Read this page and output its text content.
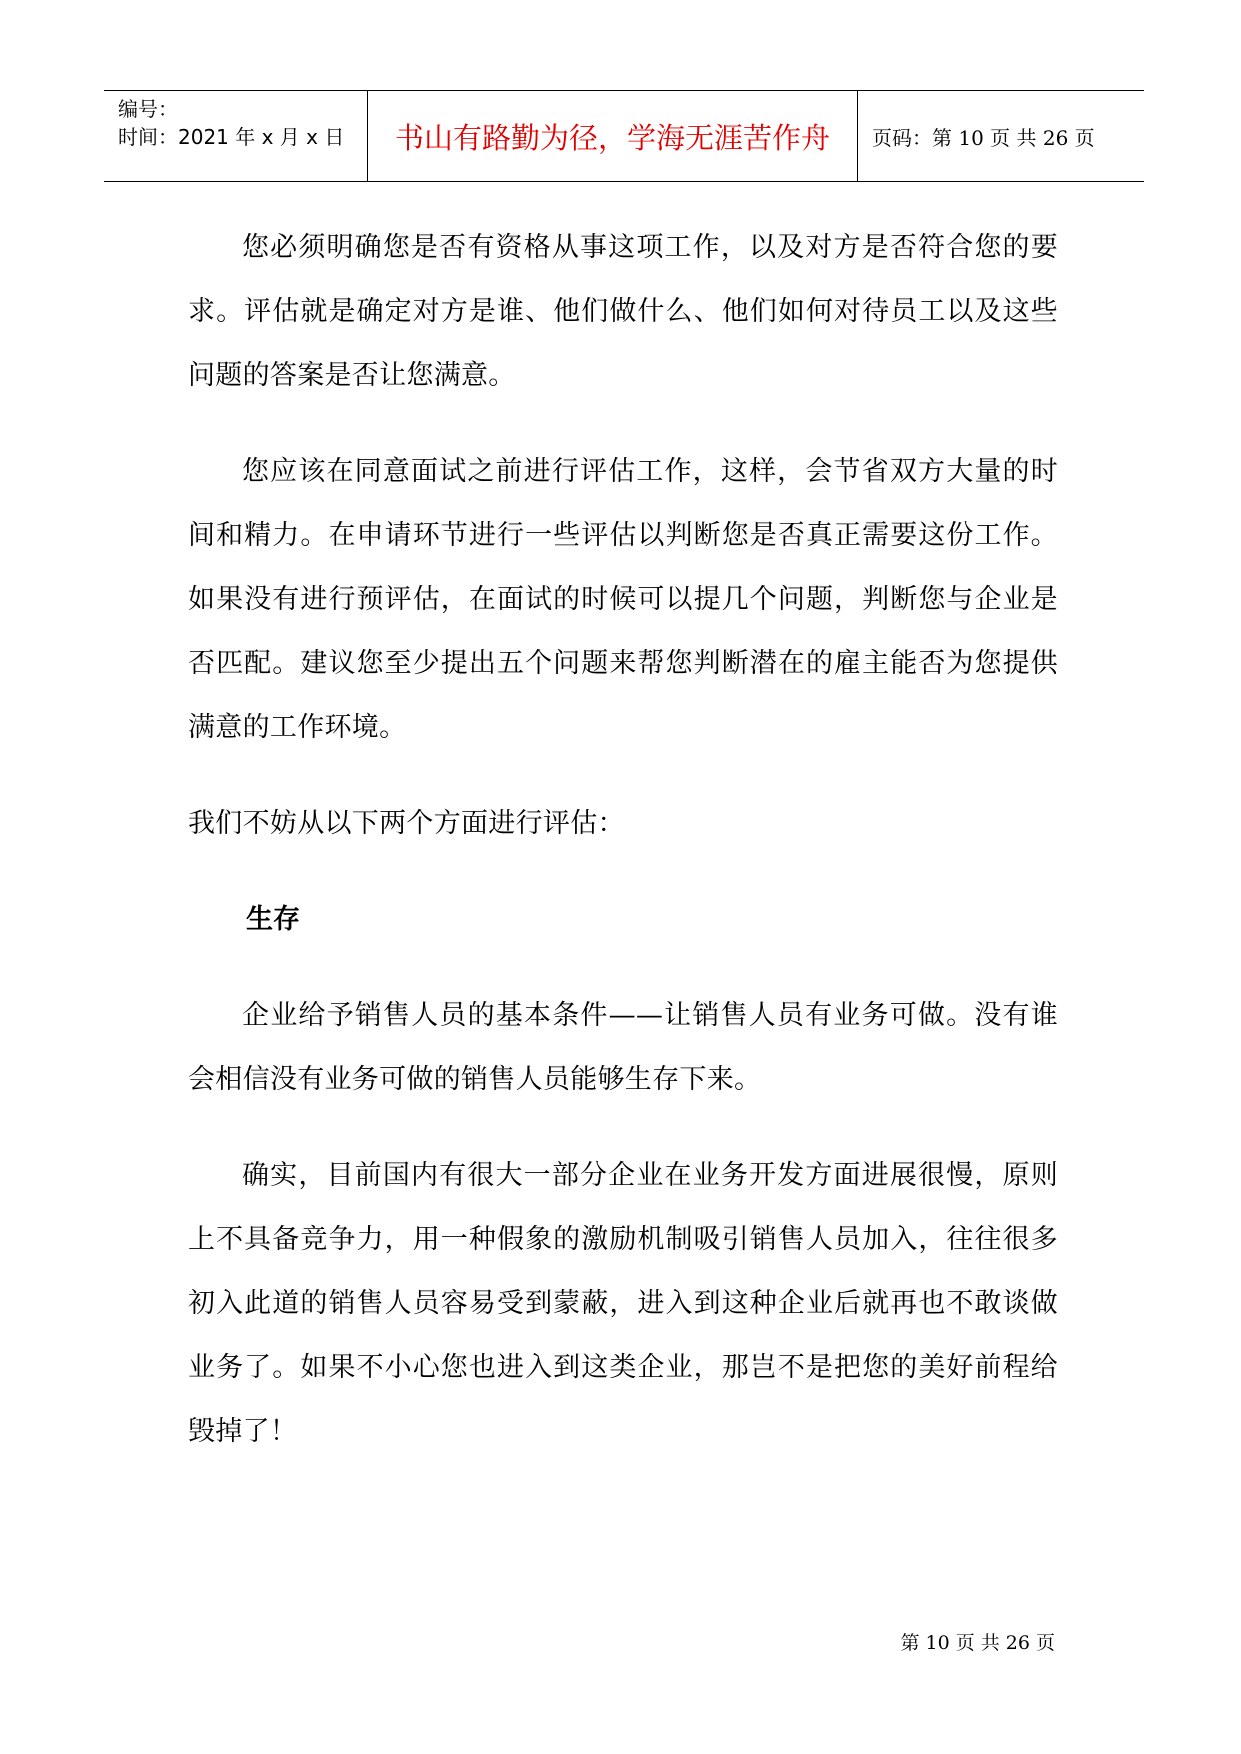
编号：
时间：2021 年 x 月 x 日 书山有路勤为径，学海无涯苦作舟 页码：第 10 页 共 26 页

您必须明确您是否有资格从事这项工作，以及对方是否符合您的要求。评估就是确定对方是谁、他们做什么、他们如何对待员工以及这些问题的答案是否让您满意。

您应该在同意面试之前进行评估工作，这样，会节省双方大量的时间和精力。在申请环节进行一些评估以判断您是否真正需要这份工作。如果没有进行预评估，在面试的时候可以提几个问题，判断您与企业是否匹配。建议您至少提出五个问题来帮您判断潜在的雇主能否为您提供满意的工作环境。

我们不妨从以下两个方面进行评估：

生存

企业给予销售人员的基本条件——让销售人员有业务可做。没有谁会相信没有业务可做的销售人员能够生存下来。

确实，目前国内有很大一部分企业在业务开发方面进展很慢，原则上不具备竞争力，用一种假象的激励机制吸引销售人员加入，往往很多初入此道的销售人员容易受到蒙蔽，进入到这种企业后就再也不敢谈做业务了。如果不小心您也进入到这类企业，那岂不是把您的美好前程给毁掉了！

第 10 页 共 26 页
